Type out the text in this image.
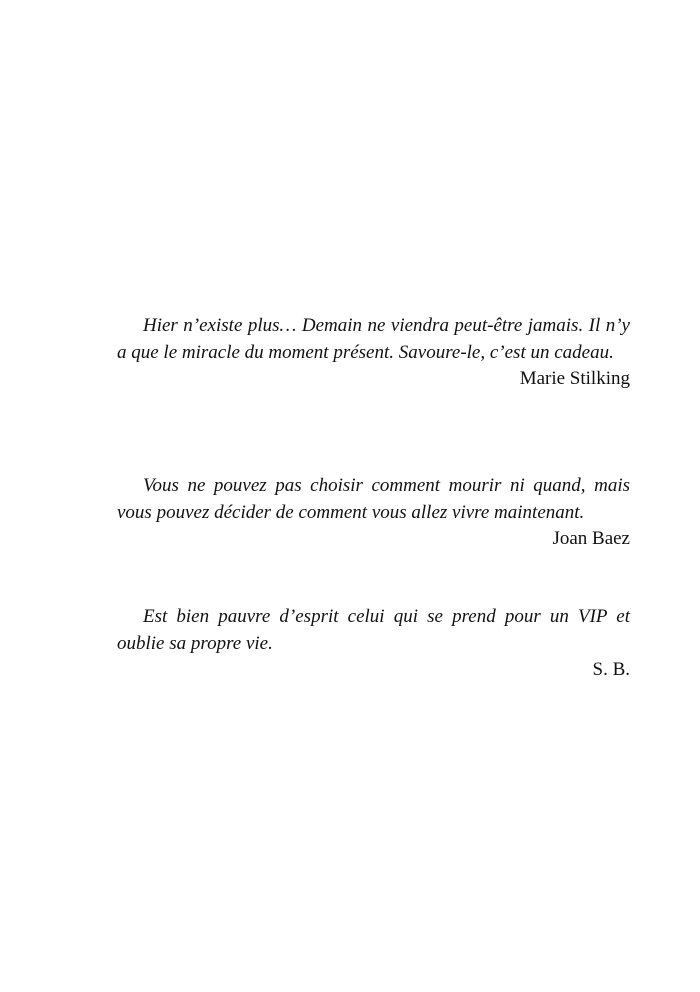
Hier n’existe plus… Demain ne viendra peut-être jamais. Il n’y a que le miracle du moment présent. Savoure-le, c’est un cadeau.

Marie Stilking

Vous ne pouvez pas choisir comment mourir ni quand, mais vous pouvez décider de comment vous allez vivre maintenant.

Joan Baez

Est bien pauvre d’esprit celui qui se prend pour un VIP et oublie sa propre vie.

S. B.
